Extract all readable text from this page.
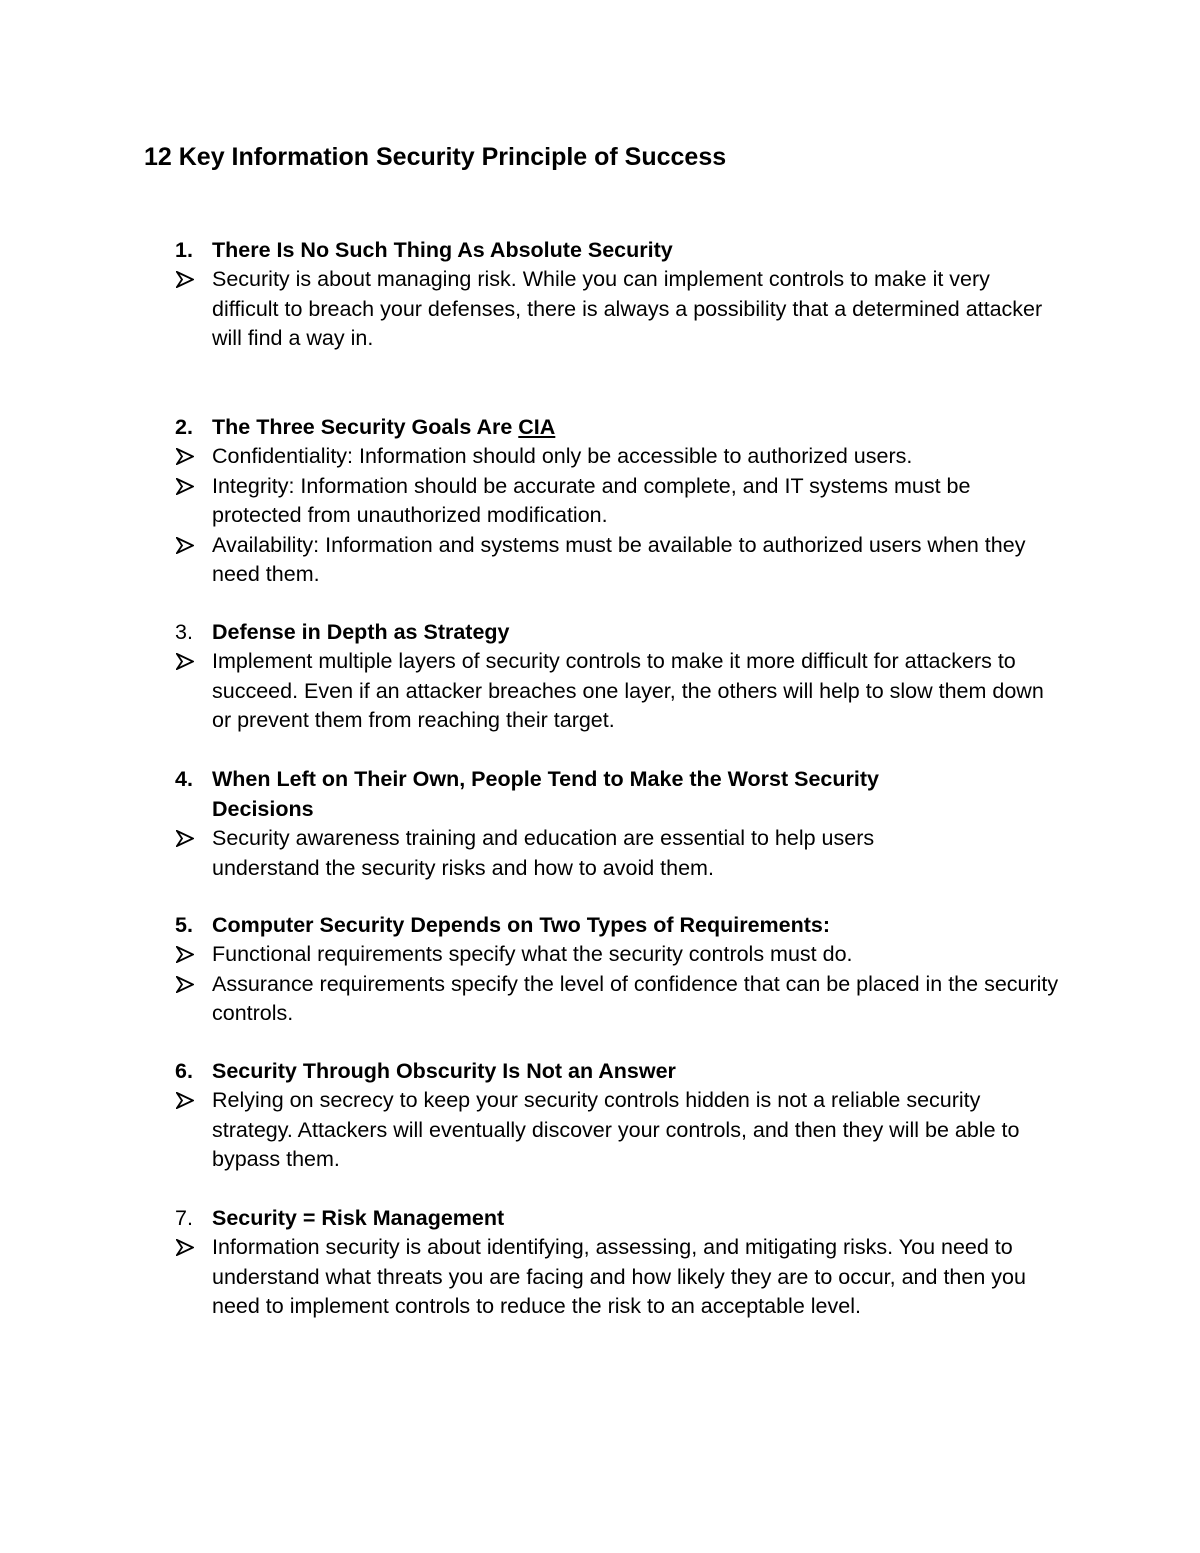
12 Key Information Security Principle of Success
1. There Is No Such Thing As Absolute Security
Security is about managing risk. While you can implement controls to make it very difficult to breach your defenses, there is always a possibility that a determined attacker will find a way in.
2. The Three Security Goals Are CIA
Confidentiality: Information should only be accessible to authorized users.
Integrity: Information should be accurate and complete, and IT systems must be protected from unauthorized modification.
Availability: Information and systems must be available to authorized users when they need them.
3. Defense in Depth as Strategy
Implement multiple layers of security controls to make it more difficult for attackers to succeed. Even if an attacker breaches one layer, the others will help to slow them down or prevent them from reaching their target.
4. When Left on Their Own, People Tend to Make the Worst Security Decisions
Security awareness training and education are essential to help users understand the security risks and how to avoid them.
5. Computer Security Depends on Two Types of Requirements:
Functional requirements specify what the security controls must do.
Assurance requirements specify the level of confidence that can be placed in the security controls.
6. Security Through Obscurity Is Not an Answer
Relying on secrecy to keep your security controls hidden is not a reliable security strategy. Attackers will eventually discover your controls, and then they will be able to bypass them.
7. Security = Risk Management
Information security is about identifying, assessing, and mitigating risks. You need to understand what threats you are facing and how likely they are to occur, and then you need to implement controls to reduce the risk to an acceptable level.
